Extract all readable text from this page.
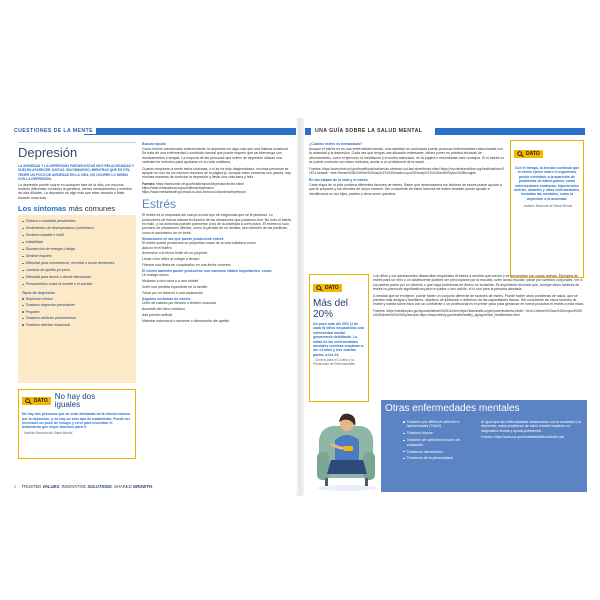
CUESTIONES DE LA MENTE
Depresión
LA ANSIEDAD Y LA DEPRESIÓN PUEDEN ESTAR MUY RELACIONADAS Y SUELEN APARECER JUNTAS. SIN EMBARGO, MIENTRAS QUE ES ÚTIL TENER UN POCO DE ANSIEDAD EN LA VIDA, NO OCURRE LO MISMO CON LA DEPRESIÓN.
La depresión puede ocurrir en cualquier fase de la vida, por muchos motivos diferentes, incluidos la genética, ciertos medicamentos y eventos de vida difíciles. La depresión es algo más que estar decaído o triste durante unos días.
Los síntomas más comunes
Tristeza o ansiedad persistentes
Sentimientos de desesperanza o pesimismo
Sentirse culpable o inútil
Irritabilidad
Disminución de energía o fatiga
Sentirse inquieto
Dificultad para concentrarse, recordar o tomar decisiones
Cambios de apetito y/o peso
Dificultad para dormir o dormir demasiado
Pensamientos sobre la muerte o el suicidio
Tipos de depresión
Depresión clínica
Trastorno depresivo persistente
Posparto
Trastorno disfórico premenstrual
Trastorno afectivo estacional
DATO No hay dos iguales
No hay dos personas que se vean afectadas de la misma manera por la depresión, y no hay un solo tipo de tratamiento. Puede ser necesario un poco de ensayo y error para encontrar el tratamiento que mejor funcione para ti.
- Instituto Nacional de Salud Mental
Buscar ayuda
Como hemos mencionado anteriormente, la depresión es algo más que una tristeza ocasional. Se trata de una enfermedad o condición mental que puede requerir que se intervenga con medicamentos o terapia. La mayoría de las personas que sufren de depresión utilizan una variedad de métodos para ayudarse en su vida cotidiana.
Cuando empiezan a sentir estos síntomas, o si se ha sido diagnosticado, muchas personas se apoyan en uno de los muchos recursos de la página jn. Aunque estos síntomas son graves, hay muchas maneras de controlar la depresión y llevar una vida sana y feliz.
Fuentes: https://www.nimh.nih.gov/health/topics/depression/index.shtml
https://www.mhanational.org/conditions/depression
https://www.mentalhealth.gov/what-to-look-for/mood-disorders/depression
Estrés
El estrés es la respuesta del cuerpo a todo tipo de exigencias que se le plantean. Lo productores de fuerza natural en función de las situaciones que podamos vivir. No todo el estrés es malo, y los síntomas pueden parecerse a los de la ansiedad a corto plazo. El estrés no solo proviene de situaciones difíciles, como la pérdida de un familiar, sino también de las positivas, como el nacimiento de un bebé.
Situaciones en las que puede producirse estrés
El estrés puede producirse en pequeñas cosas de la vida cotidiana como:
Atasco en el tráfico
Acercarse a la fecha límite de un proyecto
Llevar a los niños al colegio a tiempo
Planear una fiesta de cumpleaños en una fecha concreta
El estrés también puede producirse con cambios vitales importantes, como:
Un trabajo nuevo
Mudarse a otra casa o a otra ciudad
Sufrir una pérdida importante en la familia
Pasar por un divorcio o una separación
Algunos síntomas de estrés:
Dolor de cabeza por tensión o tensión muscular
Aumento del ritmo cardíaco
Alta presión arterial
Malestar estomacal o aumento o disminución del apetito
6 TRUSTED VALUES. INNOVATIVE SOLUTIONS. SHARED GROWTH.
UNA GUÍA SOBRE LA SALUD MENTAL
¿Cuánto estrés es demasiado?
Aunque el estrés no es una enfermedad mental, una cantidad no controlada puede provocar enfermedades relacionadas con la ansiedad y la depresión. Cada vez que tengas una situación estresante, debes poner en práctica técnicas de afrontamiento, como el ejercicio, la meditación y el sueño adecuado, en la página n encontrarás más consejos. Si el estrés no se puede controlar con estos métodos, acude a un profesional de la salud.
Fuentes: https://www.nimh.nih.gov/health/publications/so-stressed-out-fact-sheet/index.shtml https://my.clevelandclinic.org/health/articles/11874-stress#:~:text=Stress%20is%20the%20body%27s%20reaction,you%20body%27s%20and%20your%20thoughts
En las etapas de la vida y el estrés
Cada etapa de la vida conlleva diferentes factores de estrés. Saber qué desencadena tus factores de estrés puede ayudar a que te prepares y los afrontes de mejor manera. Ser consciente de estos factores de estrés también puede ayudar a identificarlos en tus hijos, padres y otros seres queridos.
DATO
Con el tiempo, la tensión continua que el estrés ejerce sobre el organismo puede contribuir a la aparición de problemas de salud graves, como enfermedades cardíacas, hipertensión arterial, diabetes y otras enfermedades, incluidas las mentales, como la depresión o la ansiedad.
- Instituto Nacional de Salud Mental
DATO
Más del 20%
Un poco más del 20% (1 de cada 5) niños ha padecido una enfermedad mental gravemente debilitante. La mitad de las enfermedades mentales crónicas empiezan a los 14 años y tres cuartas partes, a los 24.
- Centros para el Control y la Prevención de Enfermedades
Los niños y los adolescentes desarrollan respuestas al estrés a medida que crecen y se encuentran con cosas nuevas. Ejemplos de estrés para un niño o un adolescente pueden ser preocuparse por la escuela, sufrir acoso escolar, pasar por cambios corporales, ver a los padres pasar por un divorcio o que haya problemas de dinero en la familia. Es importante recordar que, aunque estos factores de estrés no parezcan significativos para un padre o otro adulto, sí lo son para la persona afectada.
A medida que se envejece, puede haber un conjunto diferente de factores de estrés. Puede haber otros problemas de salud, que se pierdan más amigos y familiares, objetivos de jubilación o deterioro de las capacidades físicas. Ser consciente de estos factores de estrés y hablar sobre ellos con un confidente o un profesional es el primer paso para gestionar en forma proactiva el estrés a esta edad.
Fuentes: https://medlineplus.gov/spanish/article/000916.html https://kidshealth.org/en/parents/stress.html#:~:text=Children%20can%20respond%20to%20stress%20to%20preschool https://www.elderly.gov/health/healthy_aging/mental_health/stress.html
Otras enfermedades mentales
Trastorno por déficit de atención e hiperactividad (TDAH)
Trastorno bipolar
Trastorno de adicción/consumo de sustancias
Trastornos alimentarios
Trastornos de la personalidad
Al igual que las enfermedades relacionadas con la ansiedad y la depresión, estos problemas de salud mental requieren un diagnóstico formal y ayuda profesional.
Fuentes: https://www.cdc.gov/mentalhealth/learn/index.htm
7
